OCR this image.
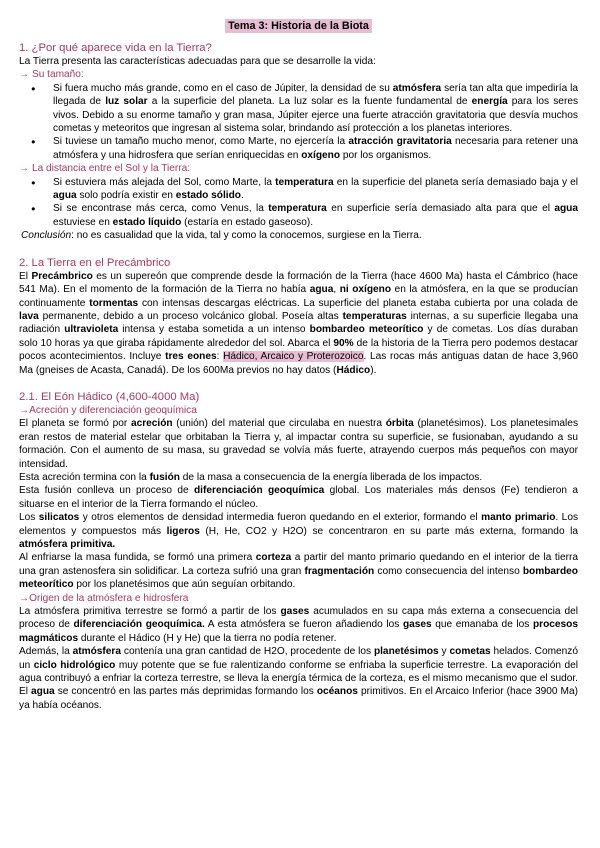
Tema 3: Historia de la Biota

1. ¿Por qué aparece vida en la Tierra?

La Tierra presenta las características adecuadas para que se desarrolle la vida:

→ Su tamaño:

● Si fuera mucho más grande, como en el caso de Júpiter, la densidad de su atmósfera sería tan alta que impediría la llegada de luz solar a la superficie del planeta. La luz solar es la fuente fundamental de energía para los seres vivos. Debido a su enorme tamaño y gran masa, Júpiter ejerce una fuerte atracción gravitatoria que desvía muchos cometas y meteoritos que ingresan al sistema solar, brindando así protección a los planetas interiores.
● Si tuviese un tamaño mucho menor, como Marte, no ejercería la atracción gravitatoria necesaria para retener una atmósfera y una hidrosfera que serían enriquecidas en oxígeno por los organismos.

→ La distancia entre el Sol y la Tierra:

● Si estuviera más alejada del Sol, como Marte, la temperatura en la superficie del planeta sería demasiado baja y el agua solo podría existir en estado sólido.
● Si se encontrase más cerca, como Venus, la temperatura en superficie sería demasiado alta para que el agua estuviese en estado líquido (estaría en estado gaseoso).

Conclusión: no es casualidad que la vida, tal y como la conocemos, surgiese en la Tierra.

2. La Tierra en el Precámbrico

El Precámbrico es un supereón que comprende desde la formación de la Tierra (hace 4600 Ma) hasta el Cámbrico (hace 541 Ma). En el momento de la formación de la Tierra no había agua, ni oxígeno en la atmósfera, en la que se producían continuamente tormentas con intensas descargas eléctricas. La superficie del planeta estaba cubierta por una colada de lava permanente, debido a un proceso volcánico global. Poseía altas temperaturas internas, a su superficie llegaba una radiación ultravioleta intensa y estaba sometida a un intenso bombardeo meteorítico y de cometas. Los días duraban solo 10 horas ya que giraba rápidamente alrededor del sol. Abarca el 90% de la historia de la Tierra pero podemos destacar pocos acontecimientos. Incluye tres eones: Hádico, Arcaico y Proterozoico. Las rocas más antiguas datan de hace 3,960 Ma (gneises de Acasta, Canadá). De los 600Ma previos no hay datos (Hádico).

2.1. El Eón Hádico (4,600-4000 Ma)

→Acreción y diferenciación geoquímica

El planeta se formó por acreción (unión) del material que circulaba en nuestra órbita (planetésimos). Los planetesimales eran restos de material estelar que orbitaban la Tierra y, al impactar contra su superficie, se fusionaban, ayudando a su formación. Con el aumento de su masa, su gravedad se volvía más fuerte, atrayendo cuerpos más pequeños con mayor intensidad.

Esta acreción termina con la fusión de la masa a consecuencia de la energía liberada de los impactos.

Esta fusión conlleva un proceso de diferenciación geoquímica global. Los materiales más densos (Fe) tendieron a situarse en el interior de la Tierra formando el núcleo.

Los silicatos y otros elementos de densidad intermedia fueron quedando en el exterior, formando el manto primario. Los elementos y compuestos más ligeros (H, He, CO2 y H2O) se concentraron en su parte más externa, formando la atmósfera primitiva.

Al enfriarse la masa fundida, se formó una primera corteza a partir del manto primario quedando en el interior de la tierra una gran astenosfera sin solidificar. La corteza sufrió una gran fragmentación como consecuencia del intenso bombardeo meteorítico por los planetésimos que aún seguían orbitando.

→Origen de la atmósfera e hidrosfera

La atmósfera primitiva terrestre se formó a partir de los gases acumulados en su capa más externa a consecuencia del proceso de diferenciación geoquímica. A esta atmósfera se fueron añadiendo los gases que emanaba de los procesos magmáticos durante el Hádico (H y He) que la tierra no podía retener.

Además, la atmósfera contenía una gran cantidad de H2O, procedente de los planetésimos y cometas helados. Comenzó un ciclo hidrológico muy potente que se fue ralentizando conforme se enfriaba la superficie terrestre. La evaporación del agua contribuyó a enfriar la corteza terrestre, se lleva la energía térmica de la corteza, es el mismo mecanismo que el sudor. El agua se concentró en las partes más deprimidas formando los océanos primitivos. En el Arcaico Inferior (hace 3900 Ma) ya había océanos.
